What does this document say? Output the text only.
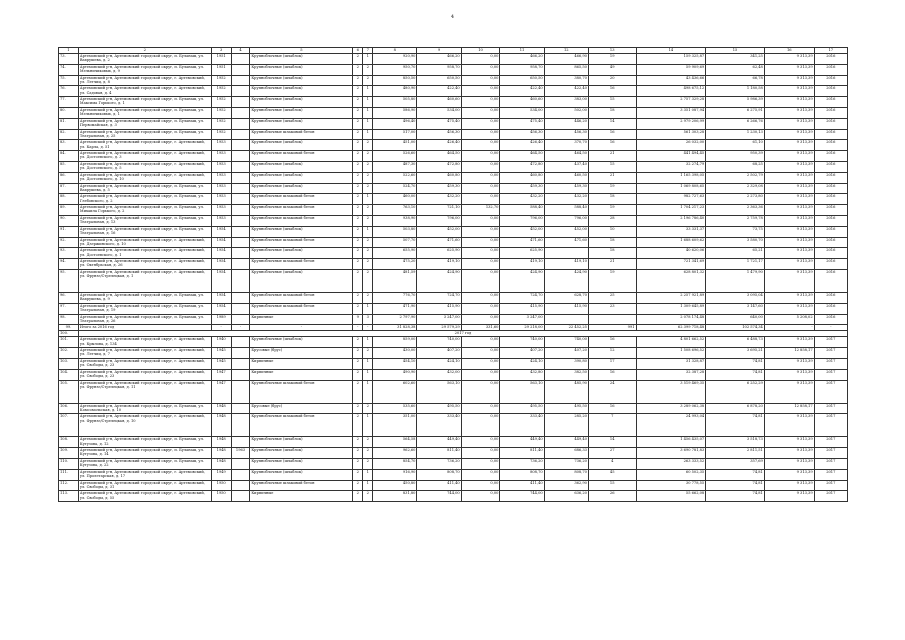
4
1	2	3	4	5	6	7	8	9	10	11	12	13	14	15	16	17
73.	Артемовский р-н, Артемовский городской округ, п. Буланаш, ул. Вахрушева, д. 2	1951		Крупноблочные (шлаблок)	2	1	920,90	466,20	0,00	466,20	466,90	19	159 325,87	341,25	9 313,39	2016
74.	Артемовский р-н, Артемовский городской округ, п. Буланаш, ул. Мельничиковых, д. 9	1951		Крупноблочные (шлаблок)	2	2	950,70	958,70	0,00	958,70	865,50	49	59 909,69	62,48	9 313,39	2016
75.	Артемовский р-н, Артемовский городской округ, г. Артемовский, ул. Летчиц, д. 8	1952		Крупноблочные (шлаблок)	2	2	850,50	650,50	0,00	650,50	380,70	20	43 436,66	66,78	9 313,39	2016
76.	Артемовский р-н, Артемовский городской округ, г. Артемовский, ул. Садовая, д. 4	1952		Крупноблочные (шлаблок)	2	1	480,90	422,40	0,00	422,40	422,40	16	498 675,12	1 180,58	9 313,39	2016
77.	Артемовский р-н, Артемовский городской округ, п. Буланаш, ул. Максима Горького, д. 1	1952		Крупноблочные (шлаблок)	2	1	505,80	460,60	0,00	460,60	383,00	15	2 757 329,28	5 986,39	9 313,39	2016
80.	Артемовский р-н, Артемовский городской округ, п. Буланаш, ул. Мельничиковых, д. 1	1952		Крупноблочные (шлаблок)	2	1	586,90	534,00	0,00	534,00	502,00	18	3 351 087,94	6 275,91	9 313,39	2016
81.	Артемовский р-н, Артемовский городской округ, п. Буланаш, ул. Первомайская, д. 3	1952		Крупноблочные (шлаблок)	2	1	496,40	475,40	0,00	475,40	446,20	14	2 979 206,99	6 266,76	9 313,39	2016
82.	Артемовский р-н, Артемовский городской округ, п. Буланаш, ул. Театральная, д. 25	1952		Крупноблочные шлаковый бетон	2	1	517,00	456,30	0,00	456,30	456,30	16	561 303,28	1 230,13	9 313,39	2016
83.	Артемовский р-н, Артемовский городской округ, г. Артемовский, ул. Карла, д. 51	1953		Крупноблочные (шлаблок)	2	2	451,00	426,40	0,00	426,40	370,70	16	26 032,00	61,10	9 313,39	2016
84.	Артемовский р-н, Артемовский городской округ, г. Артемовский, ул. Достоевского, д. 3	1953		Крупноблочные шлаковый бетон	2	2	526,60	464,50	0,00	464,50	464,50	21	441 494,45	950,39	9 313,39	2016
85.	Артемовский р-н, Артемовский городской округ, г. Артемовский, ул. Достоевского, д. 5	1953		Крупноблочные (шлаблок)	2	2	487,30	472,80	0,00	472,80	437,40	15	32 274,79	68,25	9 313,39	2016
86.	Артемовский р-н, Артемовский городской округ, г. Артемовский, ул. Достоевского, д. 10	1953		Крупноблочные (шлаблок)	2	2	522,60	460,80	0,00	460,80	460,50	21	1 165 398,05	2 502,79	9 313,39	2016
87.	Артемовский р-н, Артемовский городской округ, п. Буланаш, ул. Вахрушева, д. 5	1953		Крупноблочные (шлаблок)	2	2	524,70	459,30	0,00	459,30	459,30	19	1 069 808,65	2 329,08	9 313,39	2016
88.	Артемовский р-н, Артемовский городской округ, п. Буланаш, ул. Глебовского, д. 2	1953		Крупноблочные шлаковый бетон	2	1	460,00	432,20	0,00	432,20	432,20	18	982 727,63	2 273,80	9 313,39	2016
89.	Артемовский р-н, Артемовский городской округ, п. Буланаш, ул. Михаила Горького, д. 2	1953		Крупноблочные шлаковый бетон	2	2	763,10	721,10	132,70	588,40	588,40	19	1 704 217,23	2 363,36	9 313,39	2016
90.	Артемовский р-н, Артемовский городской округ, п. Буланаш, ул. Театральная, д. 13	1953		Крупноблочные шлаковый бетон	2	2	938,90	796,00	0,00	796,00	796,00	28	2 196 786,40	2 759,78	9 313,39	2016
91.	Артемовский р-н, Артемовский городской округ, п. Буланаш, ул. Театральная, д. 16	1954		Крупноблочные (шлаблок)	2	1	503,80	452,00	0,00	452,00	452,00	10	33 331,37	73,75	9 313,39	2016
92.	Артемовский р-н, Артемовский городской округ, г. Артемовский, ул. Дзержинского, д. 10	1954		Крупноблочные шлаковый бетон	2	2	507,70	471,60	0,00	471,60	471,60	18	1 688 609,62	3 580,70	9 313,39	2016
93.	Артемовский р-н, Артемовский городской округ, г. Артемовский, ул. Достоевского, д. 1	1954		Крупноблочные (шлаблок)	2	2	655,90	625,90	0,00	625,90		18	40 620,06	65,21	9 313,39	2016
94.	Артемовский р-н, Артемовский городской округ, г. Артемовский, ул. Октябрьская, д. 26	1954		Крупноблочные шлаковый бетон	2	2	475,20	419,10	0,00	419,10	419,10	21	721 341,69	1 721,17	9 313,39	2016
95.	Артемовский р-н, Артемовский городской округ, г. Артемовский, ул. Фрунзе/Стрелецкая, д. 1	1954		Крупноблочные (шлаблок)	2	2	481,59	424,90	0,00	424,90	424,90	19	628 801,32	1 479,90	9 313,39	2016
96.	Артемовский р-н, Артемовский городской округ, п. Буланаш, ул. Вахрушева, д. 9	1954		Крупноблочные шлаковый бетон	2	2	776,70	724,70	0,00	724,70	628,70	25	2 257 921,89	3 095,04	9 313,39	2016
97.	Артемовский р-н, Артемовский городской округ, п. Буланаш, ул. Театральная, д. 19	1954		Крупноблочные шлаковый бетон	2	1	471,90	415,90	0,00	415,90	415,90	23	1 309 645,89	3 147,60	9 313,39	2016
98.	Артемовский р-н, Артемовский городской округ, п. Буланаш, ул. Театральная, д. 26	1989		Кирпичные	9	3	2 797,90	3 247,00	0,00	3 247,00			2 078 174,48	640,00	5 208,02	2016
99.	Итого за 2016 год	-	-	-	-	-	31 828,38	29 579,29	331,60	29 218,00	22 452,25	991	62 399 718,48	102 574,34	-	-
100.	2017 год															
101.	Артемовский р-н, Артемовский городской округ, г. Артемовский, ул. Крылова, д. 134	1940		Крупноблочные (шлаблок)	2	1	859,00	740,00	0,00	740,00	740,00	16	4 801 662,52	6 488,73	9 313,39	2017
102.	Артемовский р-н, Артемовский городской округ, г. Артемовский, ул. Летчиц, д. 7	1945		Брусовые (брус)	2	2	430,00	407,20	0,00	407,20	407,20	12	1 508 696,52	3 695,21	12 858,17	2017
103.	Артемовский р-н, Артемовский городской округ, г. Артемовский, ул. Свободы, д. 23	1945		Кирпичные	2	1	454,10	424,10	0,00	424,10	390,80	17	31 328,87	74,81	9 313,39	2017
104.	Артемовский р-н, Артемовский городской округ, г. Артемовский, ул. Свободы, д. 23	1947		Кирпичные	2	1	490,90	432,00	0,00	432,80	382,50	16	32 387,28	74,81	9 313,39	2017
105.	Артемовский р-н, Артемовский городской округ, г. Артемовский, ул. Фрунзе/Стрелецкая, д. 11	1947		Крупноблочные шлаковый бетон	2	1	602,60	563,10	0,00	563,10	485,90	24	3 519 469,35	6 252,29	9 313,39	2017
106.	Артемовский р-н, Артемовский городской округ, п. Буланаш, ул. Комсомольская, д. 10	1948		Брусовые (брус)	2	2	535,60	495,50	0,00	495,50	495,50	16	3 289 062,38	6 878,20	12 858,17	2017
107.	Артемовский р-н, Артемовский городской округ, г. Артемовский, ул. Фрунзе/Стрелецкая, д. 10	1948		Крупноблочные шлаковый бетон	2	1	351,00	333,40	0,00	333,40	285,20	7	24 993,04	74,81	9 313,39	2017
108.	Артемовский р-н, Артемовский городской округ, п. Буланаш, ул. Кутузова, д. 12	1948		Крупноблочные (шлаблок)	2	2	564,58	449,40	0,00	449,40	449,40	14	1 456 435,07	3 518,73	9 313,39	2017
109.	Артемовский р-н, Артемовский городской округ, п. Буланаш, ул. Кутузова, д. 14	1948	1963	Крупноблочные (шлаблок)	2	2	962,60	811,40	0,00	811,40	686,33	27	3 690 781,83	2 811,51	9 313,39	2017
110.	Артемовский р-н, Артемовский городской округ, п. Буланаш, ул. Кутузова, д. 22	1948		Крупноблочные (шлаблок)	2	2	854,70	736,20	0,00	736,20	736,20	4	263 333,52	357,69	9 313,39	2017
111.	Артемовский р-н, Артемовский городской округ, г. Артемовский, ул. Пролетарская, д. 17	1949		Крупноблочные (шлаблок)	2	1	916,90	808,70	0,00	808,70	808,70	45	60 502,35	74,81	9 313,39	2017
112.	Артемовский р-н, Артемовский городской округ, г. Артемовский, ул. Свободы, д. 31	1950		Крупноблочные шлаковый бетон	2	1	450,80	411,40	0,00	411,40	362,90	15	30 778,55	74,81	9 313,39	2017
113.	Артемовский р-н, Артемовский городской округ, г. Артемовский, ул. Свободы, д. 55	1950		Кирпичные	2	2	831,80	744,00	0,00	744,00	636,20	26	55 662,08	74,81	9 313,39	2017
